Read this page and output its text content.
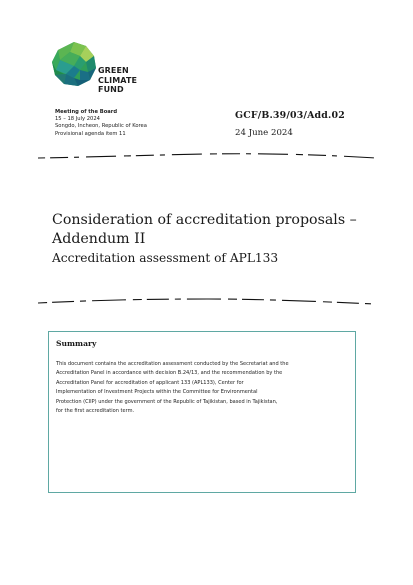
GREEN
CLIMATE
FUND
Meeting of the Board
15 – 18 July 2024
Songdo, Incheon, Republic of Korea
Provisional agenda item 11
GCF/B.39/03/Add.02
24 June 2024
Consideration of accreditation proposals –
Addendum II
Accreditation assessment of APL133
Summary
This document contains the accreditation assessment conducted by the Secretariat and the
Accreditation Panel in accordance with decision B.24/13, and the recommendation by the
Accreditation Panel for accreditation of applicant 133 (APL133), Center for
Implementation of Investment Projects within the Committee for Environmental
Protection (CIIP) under the government of the Republic of Tajikistan, based in Tajikistan,
for the first accreditation term.
